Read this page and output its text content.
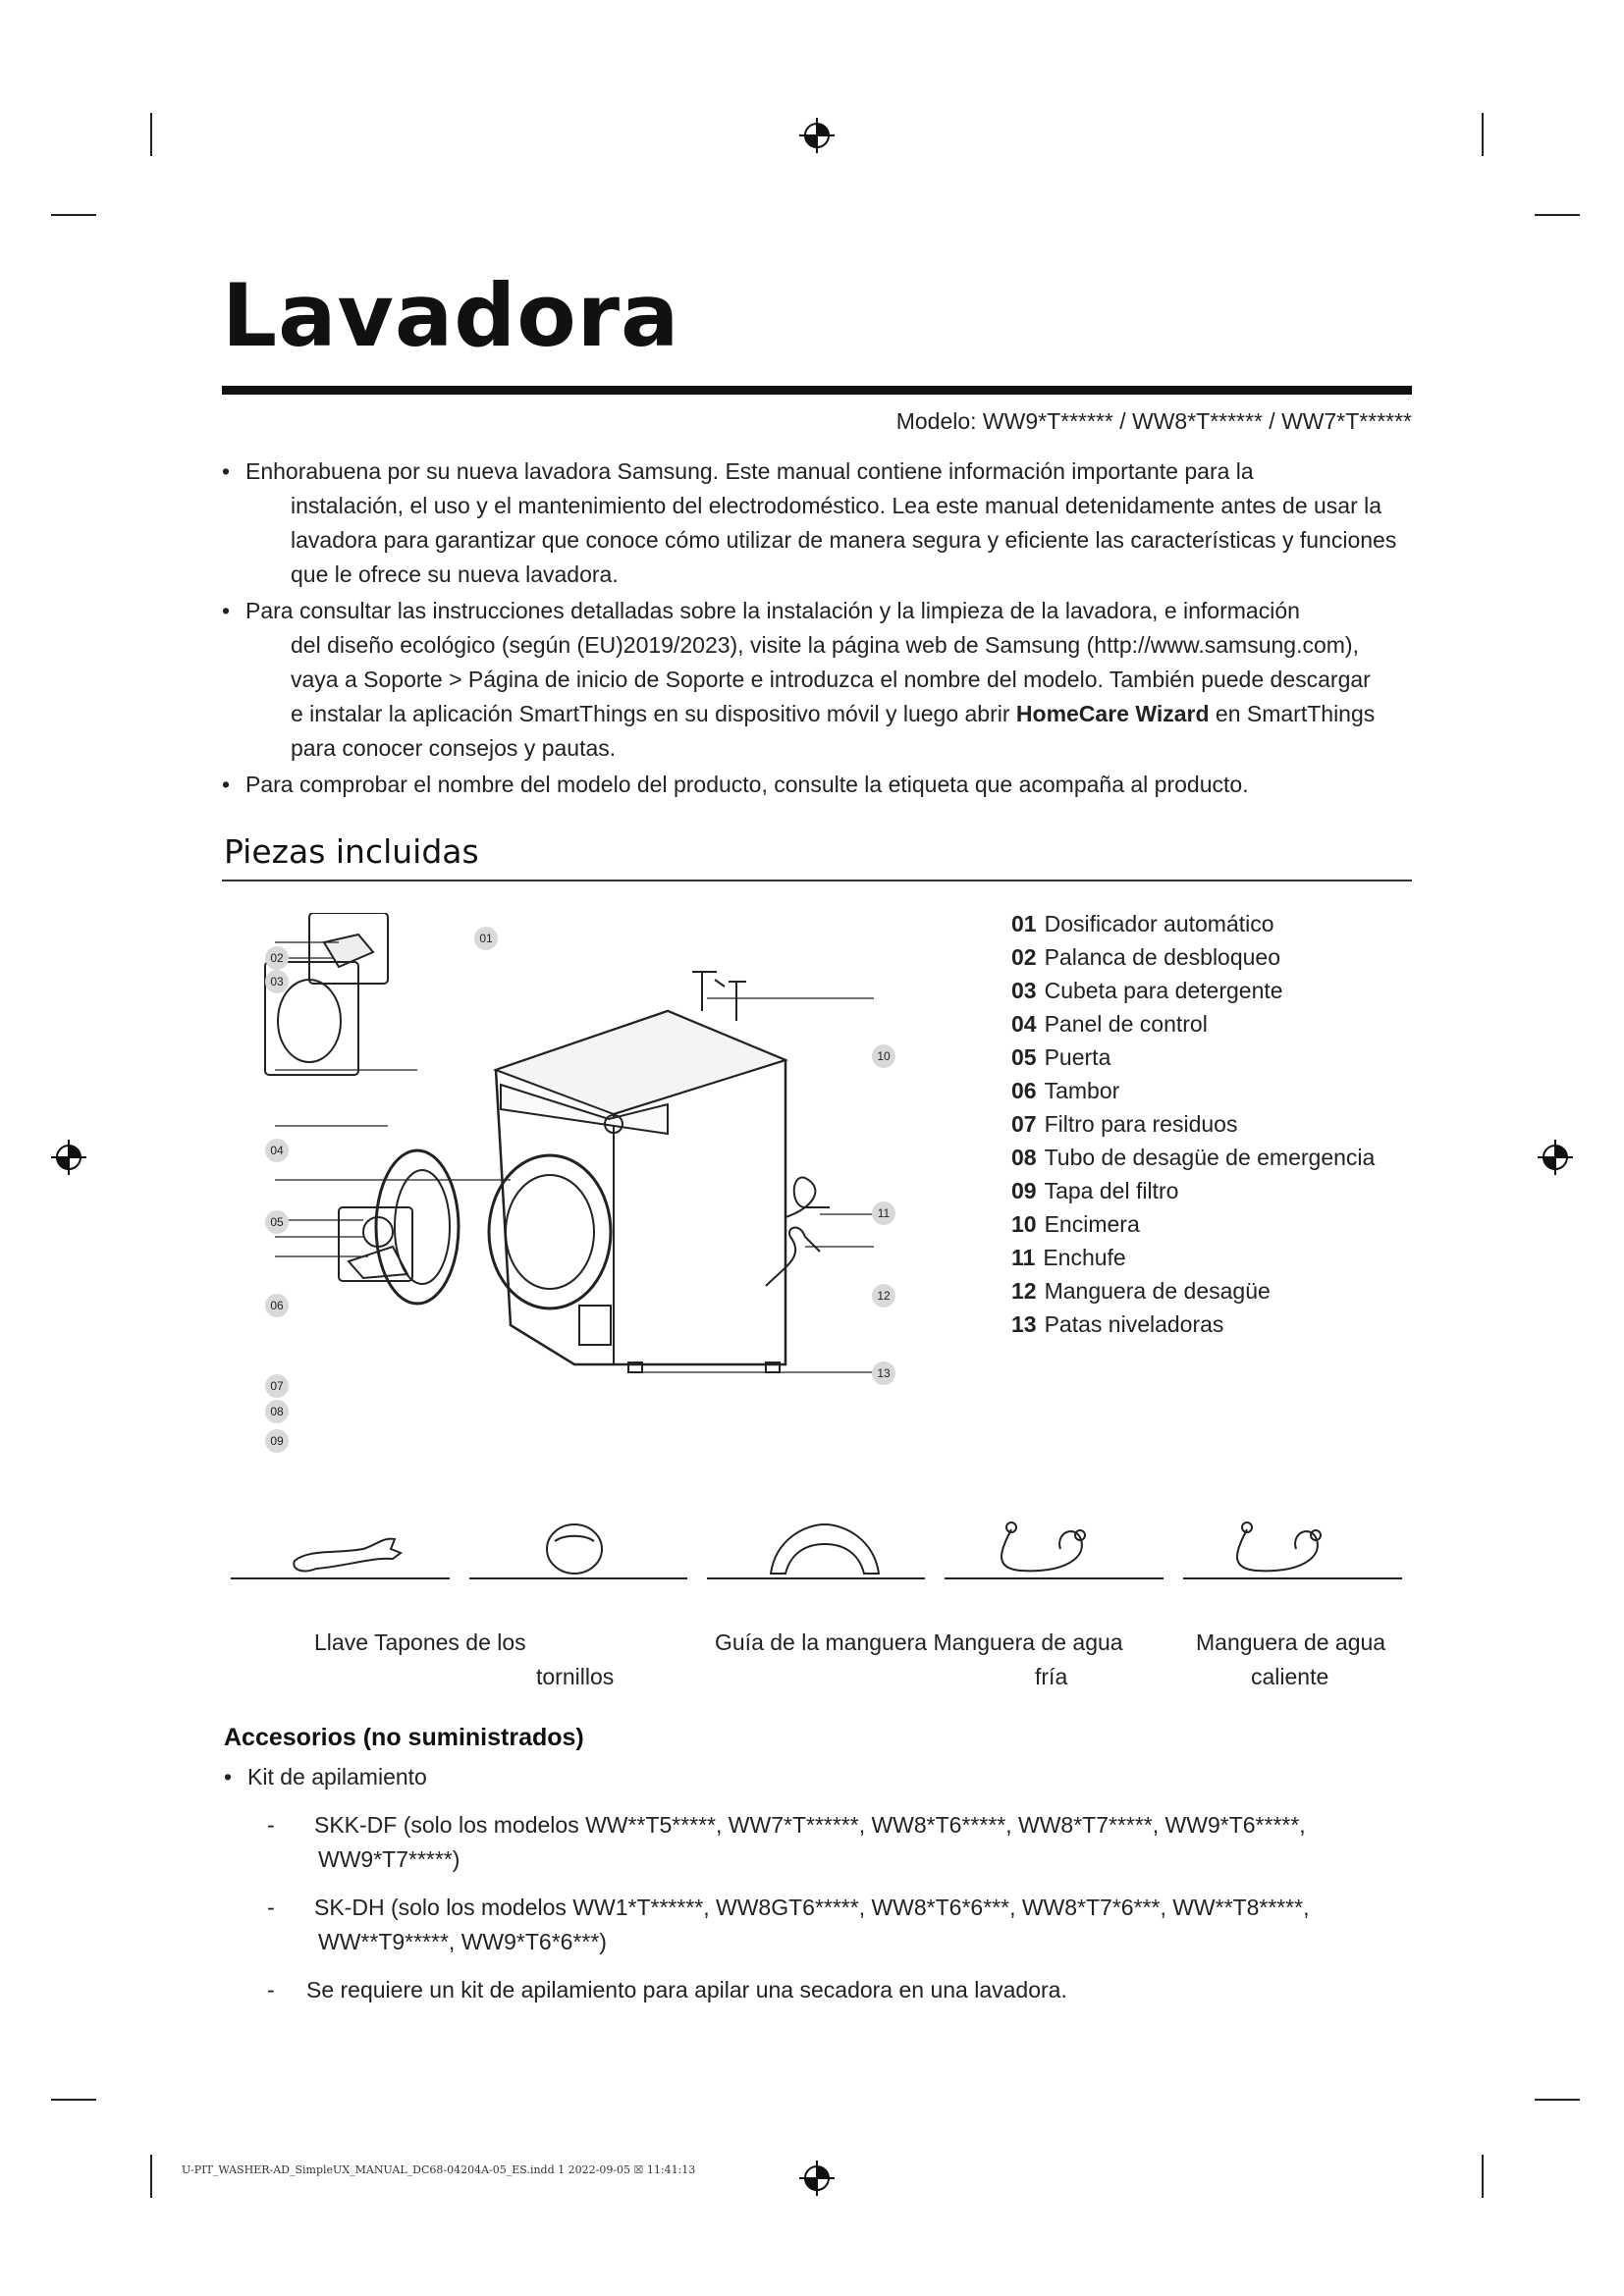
Lavadora
Modelo: WW9*T****** / WW8*T****** / WW7*T******
• Enhorabuena por su nueva lavadora Samsung. Este manual contiene información importante para la
instalación, el uso y el mantenimiento del electrodoméstico. Lea este manual detenidamente antes de usar la
lavadora para garantizar que conoce cómo utilizar de manera segura y eficiente las características y funciones
que le ofrece su nueva lavadora.
• Para consultar las instrucciones detalladas sobre la instalación y la limpieza de la lavadora, e información
del diseño ecológico (según (EU)2019/2023), visite la página web de Samsung (http://www.samsung.com),
vaya a Soporte > Página de inicio de Soporte e introduzca el nombre del modelo. También puede descargar
e instalar la aplicación SmartThings en su dispositivo móvil y luego abrir HomeCare Wizard en SmartThings
para conocer consejos y pautas.
• Para comprobar el nombre del modelo del producto, consulte la etiqueta que acompaña al producto.
Piezas incluidas
01
02
03
04
05
06
07
08
09
10
11
12
13
01 Dosificador automático
02 Palanca de desbloqueo
03 Cubeta para detergente
04 Panel de control
05 Puerta
06 Tambor
07 Filtro para residuos
08 Tubo de desagüe de emergencia
09 Tapa del filtro
10 Encimera
11 Enchufe
12 Manguera de desagüe
13 Patas niveladoras
Llave Tapones de los
tornillos
Guía de la manguera Manguera de agua
fría
Manguera de agua
caliente
Accesorios (no suministrados)
• Kit de apilamiento
- SKK-DF (solo los modelos WW**T5*****, WW7*T******, WW8*T6*****, WW8*T7*****, WW9*T6*****,
WW9*T7*****)
- SK-DH (solo los modelos WW1*T******, WW8GT6*****, WW8*T6*6***, WW8*T7*6***, WW**T8*****,
WW**T9*****, WW9*T6*6***)
- Se requiere un kit de apilamiento para apilar una secadora en una lavadora.
U-PIT_WASHER-AD_SimpleUX_MANUAL_DC68-04204A-05_ES.indd 1 2022-09-05 ☒ 11:41:13
